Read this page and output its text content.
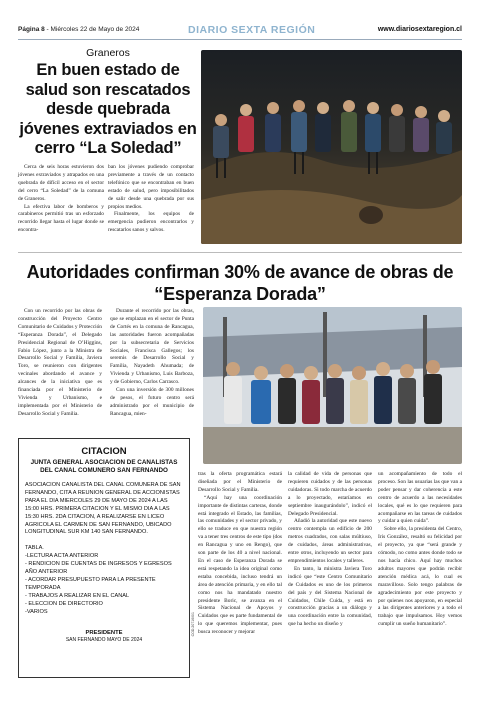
Página 8 - Miércoles 22 de Mayo de 2024	DIARIO SEXTA REGIÓN	www.diariosextaregion.cl
Graneros
En buen estado de salud son rescatados desde quebrada jóvenes extraviados en cerro “La Soledad”

Cerca de seis horas estuvieron dos jóvenes extraviados y atrapados en una quebrada de difícil acceso en el sector del cerro “La Soledad” de la comuna de Graneros.

La efectiva labor de bomberos y carabineros permitió tras un esforzado recorrido llegar hasta el lugar donde se encontra-

ban los jóvenes pudiendo comprobar previamente a través de un contacto telefónico que se encontraban en buen estado de salud, pero imposibilitados de salir desde una quebrada por sus propios medios.

Finalmente, los equipos de emergencia pudieron encontrarlos y rescatarlos sanos y salvos.

Autoridades confirman 30% de avance de obras de “Esperanza Dorada”

Con un recorrido por las obras de construcción del Proyecto Centro Comunitario de Cuidados y Protección “Esperanza Dorada”, el Delegado Presidencial Regional de O’Higgins, Fabio López, junto a la Ministra de Desarrollo Social y Familia, Javiera Toro, se reunieron con dirigentes vecinales abordando el avance y alcances de la iniciativa que es financiada por el Ministerio de Vivienda y Urbanismo, e implementada por el Ministerio de Desarrollo Social y Familia.

Durante el recorrido por las obras, que se emplazan en el sector de Punta de Cortés en la comuna de Rancagua, las autoridades fueron acompañadas por la subsecretaria de Servicios Sociales, Francisca Gallegos; los seremis de Desarrollo Social y Familia, Nayadeth Ahumada; de Vivienda y Urbanismo, Luis Barboza, y de Gobierno, Carlos Carrasco.

Con una inversión de 300 millones de pesos, el futuro centro será administrado por el municipio de Rancagua, mien-

CITACION
JUNTA GENERAL ASOCIACION DE CANALISTAS DEL CANAL COMUNERO SAN FERNANDO
ASOCIACION CANALISTA DEL CANAL COMUNERA DE SAN FERNANDO, CITA A REUNION GENERAL DE ACCIONISTAS PARA EL DIA MIERCOLES 29 DE MAYO DE 2024 A LAS 15:00 HRS. PRIMERA CITACION Y EL MISMO DIA A LAS 15:30 HRS. 2DA CITACION, A REALIZARSE EN LICEO AGRICOLA EL CARMEN DE SAN FERNANDO, UBICADO LONGITUDINAL SUR KM 140 SAN FERNANDO.
TABLA.
-LECTURA ACTA ANTERIOR
- RENDICION DE CUENTAS DE INGRESOS Y EGRESOS AÑO ANTERIOR
- ACORDAR PRESUPUESTO PARA LA PRESENTE TEMPORADA
- TRABAJOS A REALIZAR EN EL CANAL
- ELECCION DE DIRECTORIO
-VARIOS
PRESIDENTE
SAN FERNANDO MAYO DE 2024
COD.20716/0/1

tras la oferta programática estará diseñada por el Ministerio de Desarrollo Social y Familia.

“Aquí hay una coordinación importante de distintas carteras, donde está integrado el Estado, las familias, las comunidades y el sector privado, y ello se traduce en que nuestra región va a tener tres centros de este tipo (dos en Rancagua y uno en Rengo), que son parte de los 40 a nivel nacional. En el caso de Esperanza Dorada se está respetando la idea original como estaba concebida, incluso tendrá un área de atención primaria, y en ello tal como nos ha mandatado nuestro presidente Boric, se avanza en el Sistema Nacional de Apoyos y Cuidados que es parte fundamental de lo que queremos implementar, pues busca reconocer y mejorar

la calidad de vida de personas que requieren cuidados y de las personas cuidadoras. Si todo marcha de acuerdo a lo proyectado, estaríamos en septiembre inaugurándolo”, indicó el Delegado Presidencial.

Añadió la autoridad que este nuevo centro contempla un edificio de 200 metros cuadrados, con salas múltiuso, de cuidados, áreas administrativas, entre otros, incluyendo un sector para emprendimientos locales y talleres.

En tanto, la ministra Javiera Toro indicó que “este Centro Comunitario de Cuidados es uno de los primeros del país y del Sistema Nacional de Cuidados, Chile Cuida, y está en construcción gracias a un diálogo y una coordinación entre la comunidad, que ha hecho un diseño y

un acompañamiento de todo el proceso. Son las usuarias las que van a poder pensar y dar coherencia a este centro de acuerdo a las necesidades locales, qué es lo que requieren para acompañarse en las tareas de cuidados y cuidar a quien cuida”.

Sobre ello, la presidenta del Centro, Iris González, resaltó su felicidad por el proyecto, ya que “será grande y cómodo, no como antes donde todo se nos hacía chico. Aquí hay muchos adultos mayores que podrán recibir atención médica acá, lo cual es maravilloso. Solo tengo palabras de agradecimiento por este proyecto y por quienes nos apoyaron, en especial a las dirigentes anteriores y a todo el trabajo que impulsamos. Hoy vemos cumplir un sueño humanitario”.
